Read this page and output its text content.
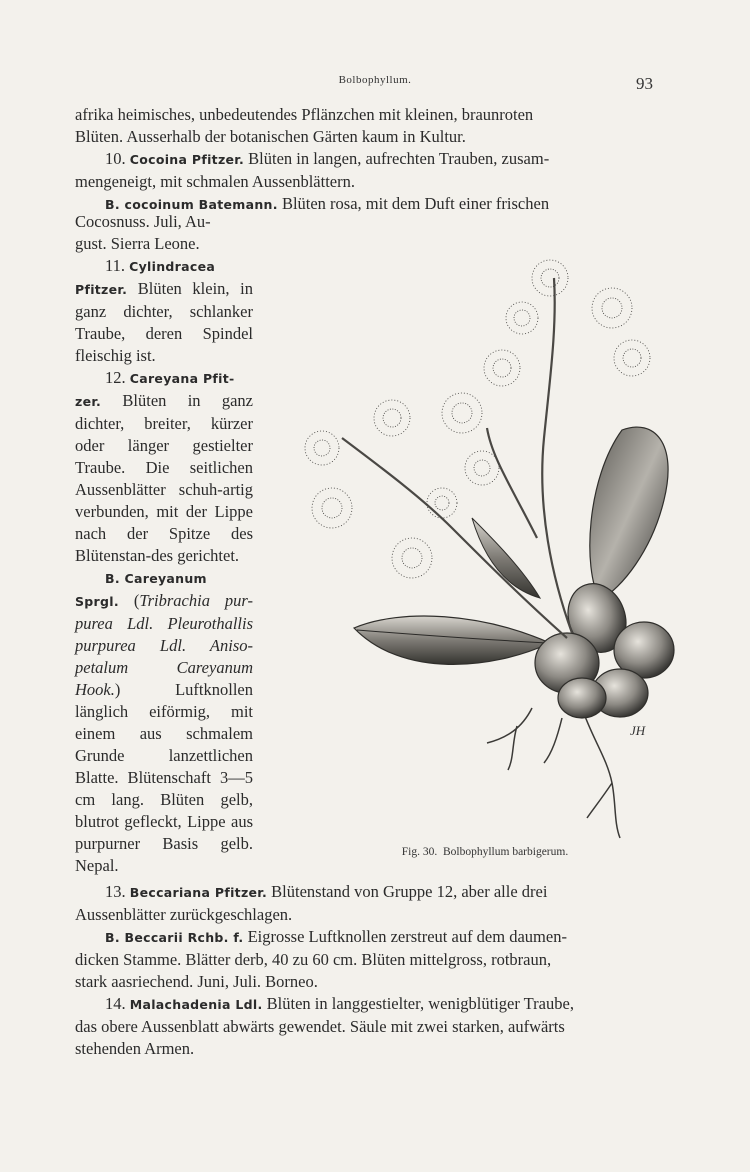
Bolbophyllum.	93

afrika heimisches, unbedeutendes Pflänzchen mit kleinen, braunroten

Blüten. Ausserhalb der botanischen Gärten kaum in Kultur.

10. Cocoina Pfitzer. Blüten in langen, aufrechten Trauben, zusam-

mengeneigt, mit schmalen Aussenblättern.

B. cocoinum Batemann. Blüten rosa, mit dem Duft einer frischen

Cocosnuss. Juli, Au-

gust. Sierra Leone.

11. Cylindracea

Pfitzer. Blüten klein, in ganz dichter, schlanker Traube, deren Spindel fleischig ist.

12. Careyana Pfit-

zer. Blüten in ganz dichter, breiter, kürzer oder länger gestielter Traube. Die seitlichen Aussenblätter schuh-artig verbunden, mit der Lippe nach der Spitze des Blütenstan-des gerichtet.

B. Careyanum

Sprgl. (Tribrachia pur-purea Ldl. Pleurothallis purpurea Ldl. Aniso-petalum Careyanum Hook.) Luftknollen länglich eiförmig, mit einem aus schmalem Grunde lanzettlichen Blatte. Blütenschaft 3—5 cm lang. Blüten gelb, blutrot gefleckt, Lippe aus purpurner Basis gelb. Nepal.

JH
Fig. 30. Bolbophyllum barbigerum.

13. Beccariana Pfitzer. Blütenstand von Gruppe 12, aber alle drei

Aussenblätter zurückgeschlagen.

B. Beccarii Rchb. f. Eigrosse Luftknollen zerstreut auf dem daumen-

dicken Stamme. Blätter derb, 40 zu 60 cm. Blüten mittelgross, rotbraun,

stark aasriechend. Juni, Juli. Borneo.

14. Malachadenia Ldl. Blüten in langgestielter, wenigblütiger Traube,

das obere Aussenblatt abwärts gewendet. Säule mit zwei starken, aufwärts

stehenden Armen.
